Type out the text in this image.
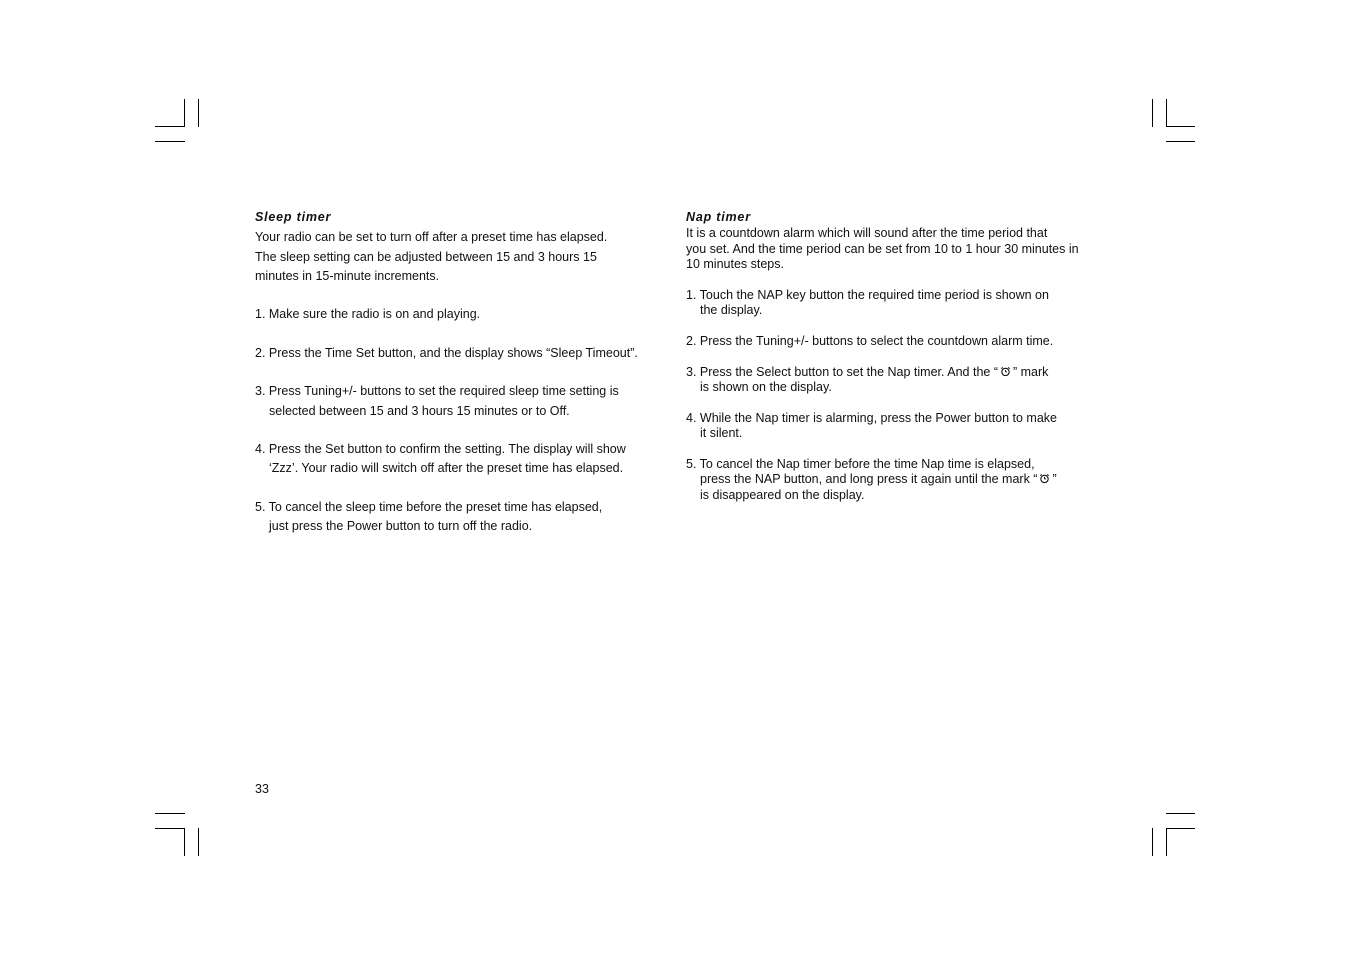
Sleep timer
Your radio can be set to turn off after a preset time has elapsed.
The sleep setting can be adjusted between 15 and 3 hours 15
minutes in 15-minute increments.
1. Make sure the radio is on and playing.
2. Press the Time Set button, and the display shows “Sleep Timeout”.
3. Press Tuning+/- buttons to set the required sleep time setting is
selected between 15 and 3 hours 15 minutes or to Off.
4. Press the Set button to confirm the setting. The display will show
‘Zzz’. Your radio will switch off after the preset time has elapsed.
5. To cancel the sleep time before the preset time has elapsed,
just press the Power button to turn off the radio.
Nap timer
It is a countdown alarm which will sound after the time period that
you set. And the time period can be set from 10 to 1 hour 30 minutes in
10 minutes steps.
1. Touch the NAP key button the required time period is shown on
the display.
2. Press the Tuning+/- buttons to select the countdown alarm time.
3. Press the Select button to set the Nap timer. And the “ ” mark
is shown on the display.
4. While the Nap timer is alarming, press the Power button to make
it silent.
5. To cancel the Nap timer before the time Nap time is elapsed,
press the NAP button, and long press it again until the mark “ ”
is disappeared on the display.
33
